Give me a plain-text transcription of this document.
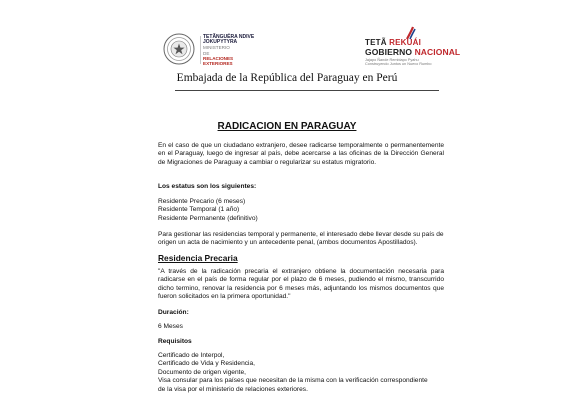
TETÃNGUÉRA NDIVE
JOKUPYTYRA
MINISTERIO
DE
RELACIONES
EXTERIORES
TETÃ REKUÁI
GOBIERNO NACIONAL
Jajapo Ñande Rembiapo Pyahu
Construyendo Juntos un Nuevo Rumbo
Embajada de la República del Paraguay en Perú
RADICACION EN PARAGUAY
En el caso de que un ciudadano extranjero, desee radicarse temporalmente o permanentemente en el Paraguay, luego de ingresar al país, debe acercarse a las oficinas de la Dirección General de Migraciones de Paraguay a cambiar o regularizar su estatus migratorio.
Los estatus son los siguientes:
Residente Precario (6 meses)
Residente Temporal (1 año)
Residente Permanente (definitivo)
Para gestionar las residencias temporal y permanente, el interesado debe llevar desde su país de origen un acta de nacimiento y un antecedente penal, (ambos documentos Apostillados).
Residencia Precaria
"A través de la radicación precaria el extranjero obtiene la documentación necesaria para radicarse en el país de forma regular por el plazo de 6 meses, pudiendo el mismo, transcurrido dicho termino, renovar la residencia por 6 meses más, adjuntando los mismos documentos que fueron solicitados en la primera oportunidad."
Duración:
6 Meses
Requisitos
Certificado de Interpol,
Certificado de Vida y Residencia,
Documento de origen vigente,
Visa consular para los países que necesitan de la misma con la verificación correspondiente
de la visa por el ministerio de relaciones exteriores.
